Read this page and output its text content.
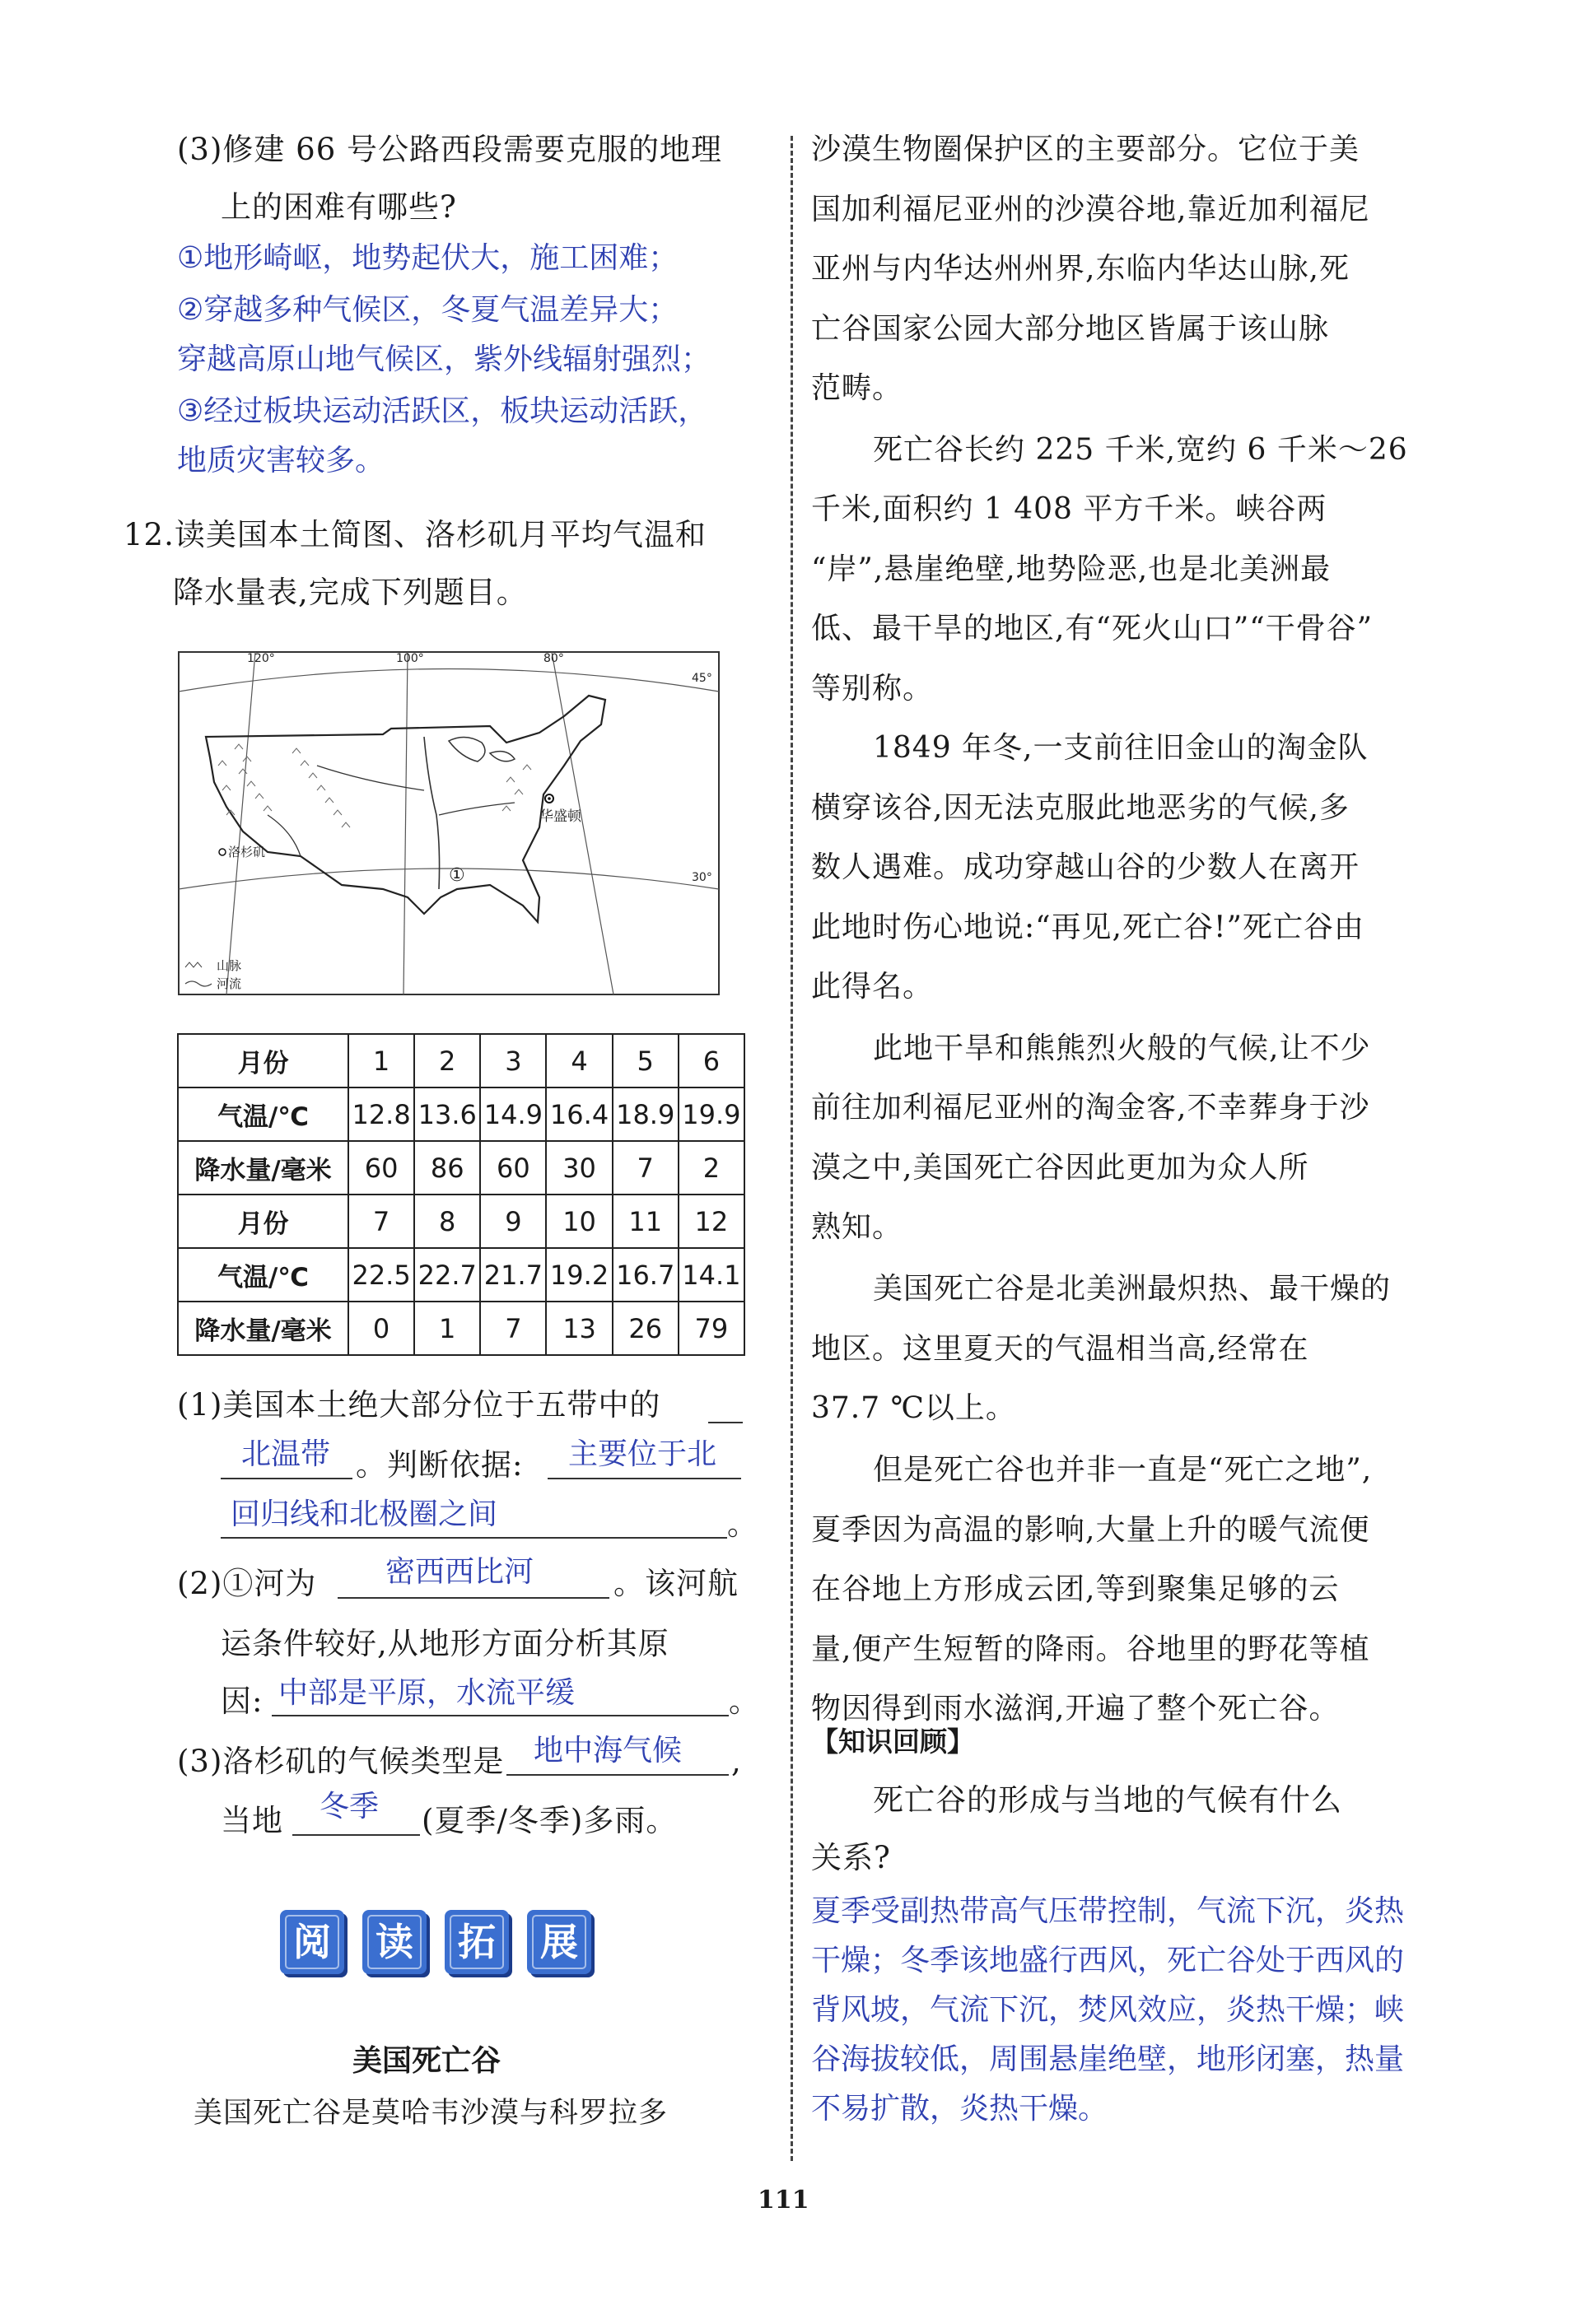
(3)修建 66 号公路西段需要克服的地理
上的困难有哪些?
①地形崎岖，地势起伏大，施工困难；
②穿越多种气候区，冬夏气温差异大；
穿越高原山地气候区，紫外线辐射强烈；
③经过板块运动活跃区，板块运动活跃，
地质灾害较多。
12.读美国本土简图、洛杉矶月平均气温和
降水量表,完成下列题目。
120°	100°	80°
45°
30°
华盛顿
洛杉矶
①
山脉
河流
月份	1	2	3	4	5	6
气温/℃	12.8	13.6	14.9	16.4	18.9	19.9
降水量/毫米	60	86	60	30	7	2
月份	7	8	9	10	11	12
气温/℃	22.5	22.7	21.7	19.2	16.7	14.1
降水量/毫米	0	1	7	13	26	79
(1)美国本土绝大部分位于五带中的
北温带 。判断依据: 主要位于北
回归线和北极圈之间	。
(2)①河为 密西西比河	。该河航
运条件较好,从地形方面分析其原
因: 中部是平原，水流平缓	。
(3)洛杉矶的气候类型是 地中海气候 ,
当地 冬季 (夏季/冬季)多雨。
阅	读	拓	展
美国死亡谷
美国死亡谷是莫哈韦沙漠与科罗拉多
沙漠生物圈保护区的主要部分。它位于美
国加利福尼亚州的沙漠谷地,靠近加利福尼
亚州与内华达州州界,东临内华达山脉,死
亡谷国家公园大部分地区皆属于该山脉
范畴。
死亡谷长约 225 千米,宽约 6 千米～26
千米,面积约 1 408 平方千米。峡谷两
“岸”,悬崖绝壁,地势险恶,也是北美洲最
低、最干旱的地区,有“死火山口”“干骨谷”
等别称。
1849 年冬,一支前往旧金山的淘金队
横穿该谷,因无法克服此地恶劣的气候,多
数人遇难。成功穿越山谷的少数人在离开
此地时伤心地说:“再见,死亡谷!”死亡谷由
此得名。
此地干旱和熊熊烈火般的气候,让不少
前往加利福尼亚州的淘金客,不幸葬身于沙
漠之中,美国死亡谷因此更加为众人所
熟知。
美国死亡谷是北美洲最炽热、最干燥的
地区。这里夏天的气温相当高,经常在
37.7 ℃以上。
但是死亡谷也并非一直是“死亡之地”,
夏季因为高温的影响,大量上升的暖气流便
在谷地上方形成云团,等到聚集足够的云
量,便产生短暂的降雨。谷地里的野花等植
物因得到雨水滋润,开遍了整个死亡谷。
【知识回顾】
死亡谷的形成与当地的气候有什么
关系?
夏季受副热带高气压带控制，气流下沉，炎热
干燥；冬季该地盛行西风，死亡谷处于西风的
背风坡，气流下沉，焚风效应，炎热干燥；峡
谷海拔较低，周围悬崖绝壁，地形闭塞，热量
不易扩散，炎热干燥。
111
